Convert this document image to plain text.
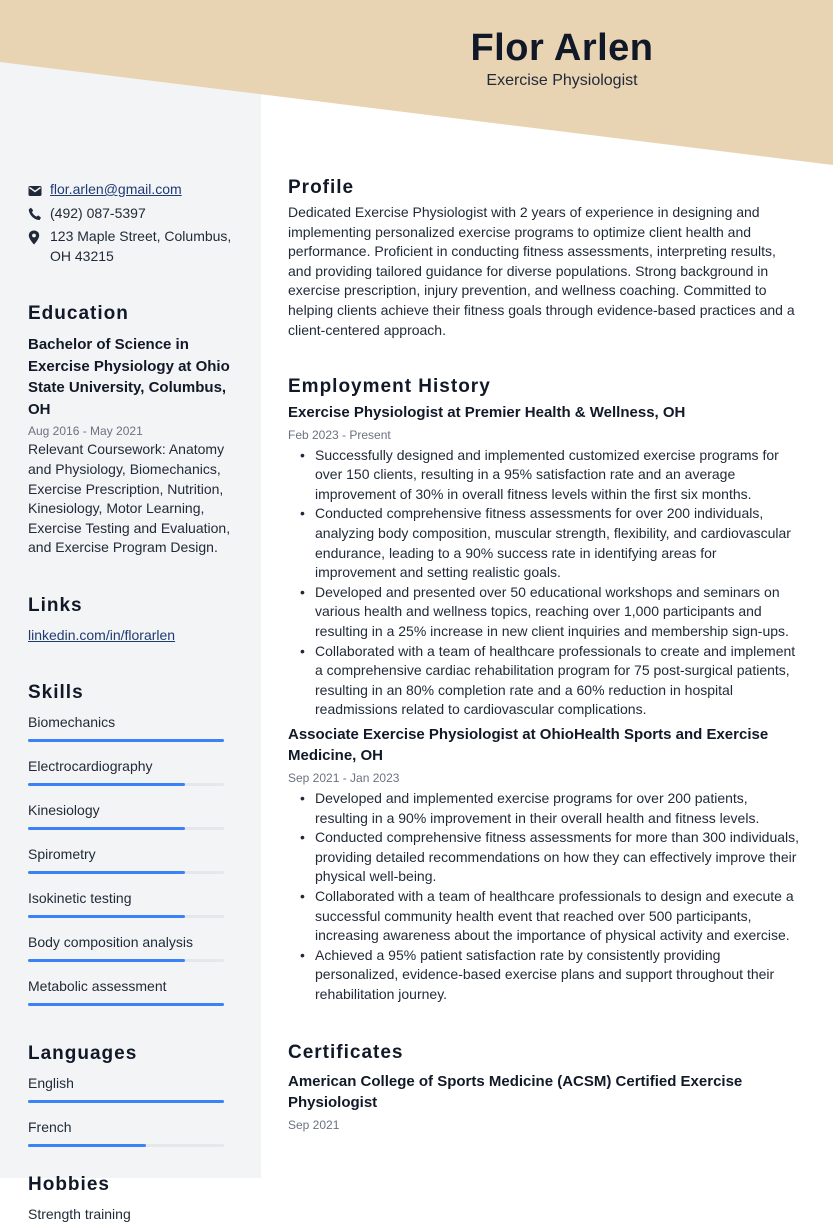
Flor Arlen
Exercise Physiologist
flor.arlen@gmail.com
(492) 087-5397
123 Maple Street, Columbus, OH 43215
Education
Bachelor of Science in Exercise Physiology at Ohio State University, Columbus, OH
Aug 2016 - May 2021
Relevant Coursework: Anatomy and Physiology, Biomechanics, Exercise Prescription, Nutrition, Kinesiology, Motor Learning, Exercise Testing and Evaluation, and Exercise Program Design.
Links
linkedin.com/in/florarlen
Skills
Biomechanics
Electrocardiography
Kinesiology
Spirometry
Isokinetic testing
Body composition analysis
Metabolic assessment
Languages
English
French
Hobbies
Strength training
Profile
Dedicated Exercise Physiologist with 2 years of experience in designing and implementing personalized exercise programs to optimize client health and performance. Proficient in conducting fitness assessments, interpreting results, and providing tailored guidance for diverse populations. Strong background in exercise prescription, injury prevention, and wellness coaching. Committed to helping clients achieve their fitness goals through evidence-based practices and a client-centered approach.
Employment History
Exercise Physiologist at Premier Health & Wellness, OH
Feb 2023 - Present
• Successfully designed and implemented customized exercise programs for over 150 clients, resulting in a 95% satisfaction rate and an average improvement of 30% in overall fitness levels within the first six months.
• Conducted comprehensive fitness assessments for over 200 individuals, analyzing body composition, muscular strength, flexibility, and cardiovascular endurance, leading to a 90% success rate in identifying areas for improvement and setting realistic goals.
• Developed and presented over 50 educational workshops and seminars on various health and wellness topics, reaching over 1,000 participants and resulting in a 25% increase in new client inquiries and membership sign-ups.
• Collaborated with a team of healthcare professionals to create and implement a comprehensive cardiac rehabilitation program for 75 post-surgical patients, resulting in an 80% completion rate and a 60% reduction in hospital readmissions related to cardiovascular complications.
Associate Exercise Physiologist at OhioHealth Sports and Exercise Medicine, OH
Sep 2021 - Jan 2023
• Developed and implemented exercise programs for over 200 patients, resulting in a 90% improvement in their overall health and fitness levels.
• Conducted comprehensive fitness assessments for more than 300 individuals, providing detailed recommendations on how they can effectively improve their physical well-being.
• Collaborated with a team of healthcare professionals to design and execute a successful community health event that reached over 500 participants, increasing awareness about the importance of physical activity and exercise.
• Achieved a 95% patient satisfaction rate by consistently providing personalized, evidence-based exercise plans and support throughout their rehabilitation journey.
Certificates
American College of Sports Medicine (ACSM) Certified Exercise Physiologist
Sep 2021
